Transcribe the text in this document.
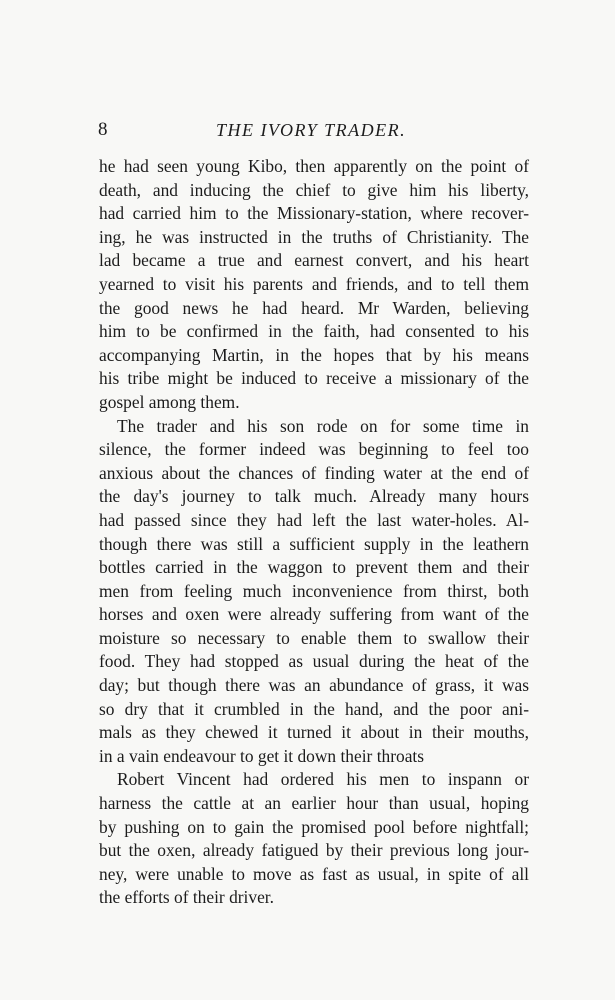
8	THE IVORY TRADER.
he had seen young Kibo, then apparently on the point of
death, and inducing the chief to give him his liberty,
had carried him to the Missionary-station, where recover-
ing, he was instructed in the truths of Christianity. The
lad became a true and earnest convert, and his heart
yearned to visit his parents and friends, and to tell them
the good news he had heard. Mr Warden, believing
him to be confirmed in the faith, had consented to his
accompanying Martin, in the hopes that by his means
his tribe might be induced to receive a missionary of the
gospel among them.
The trader and his son rode on for some time in
silence, the former indeed was beginning to feel too
anxious about the chances of finding water at the end of
the day's journey to talk much. Already many hours
had passed since they had left the last water-holes. Al-
though there was still a sufficient supply in the leathern
bottles carried in the waggon to prevent them and their
men from feeling much inconvenience from thirst, both
horses and oxen were already suffering from want of the
moisture so necessary to enable them to swallow their
food. They had stopped as usual during the heat of the
day; but though there was an abundance of grass, it was
so dry that it crumbled in the hand, and the poor ani-
mals as they chewed it turned it about in their mouths,
in a vain endeavour to get it down their throats
Robert Vincent had ordered his men to inspann or
harness the cattle at an earlier hour than usual, hoping
by pushing on to gain the promised pool before nightfall;
but the oxen, already fatigued by their previous long jour-
ney, were unable to move as fast as usual, in spite of all
the efforts of their driver.
